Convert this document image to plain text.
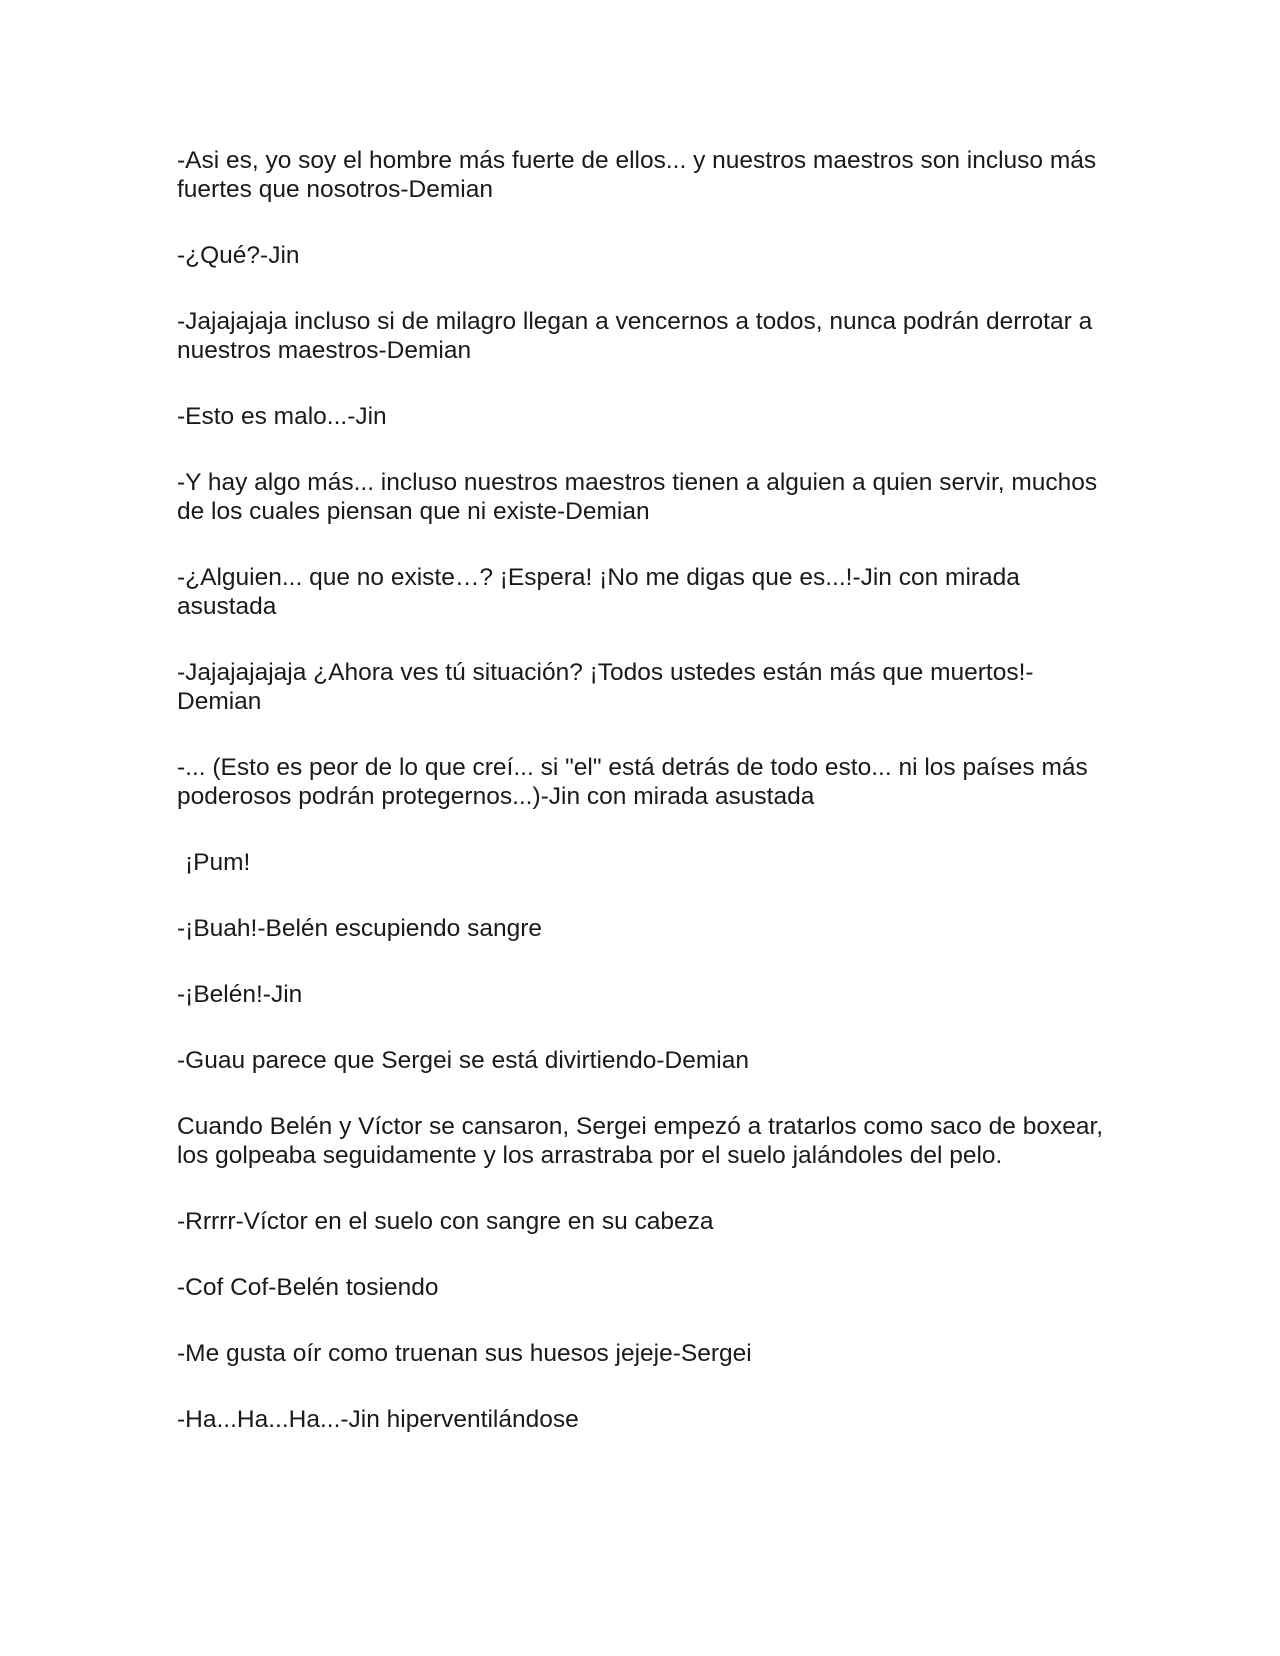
-Asi es, yo soy el hombre más fuerte de ellos... y nuestros maestros son incluso más fuertes que nosotros-Demian

-¿Qué?-Jin

-Jajajajaja incluso si de milagro llegan a vencernos a todos, nunca podrán derrotar a nuestros maestros-Demian

-Esto es malo...-Jin

-Y hay algo más... incluso nuestros maestros tienen a alguien a quien servir, muchos de los cuales piensan que ni existe-Demian

-¿Alguien... que no existe…? ¡Espera! ¡No me digas que es...!-Jin con mirada asustada

-Jajajajajaja ¿Ahora ves tú situación? ¡Todos ustedes están más que muertos!-Demian

-... (Esto es peor de lo que creí... si "el" está detrás de todo esto... ni los países más poderosos podrán protegernos...)-Jin con mirada asustada

¡Pum!

-¡Buah!-Belén escupiendo sangre

-¡Belén!-Jin

-Guau parece que Sergei se está divirtiendo-Demian

Cuando Belén y Víctor se cansaron, Sergei empezó a tratarlos como saco de boxear, los golpeaba seguidamente y los arrastraba por el suelo jalándoles del pelo.

-Rrrrr-Víctor en el suelo con sangre en su cabeza

-Cof Cof-Belén tosiendo

-Me gusta oír como truenan sus huesos jejeje-Sergei

-Ha...Ha...Ha...-Jin hiperventilándose
